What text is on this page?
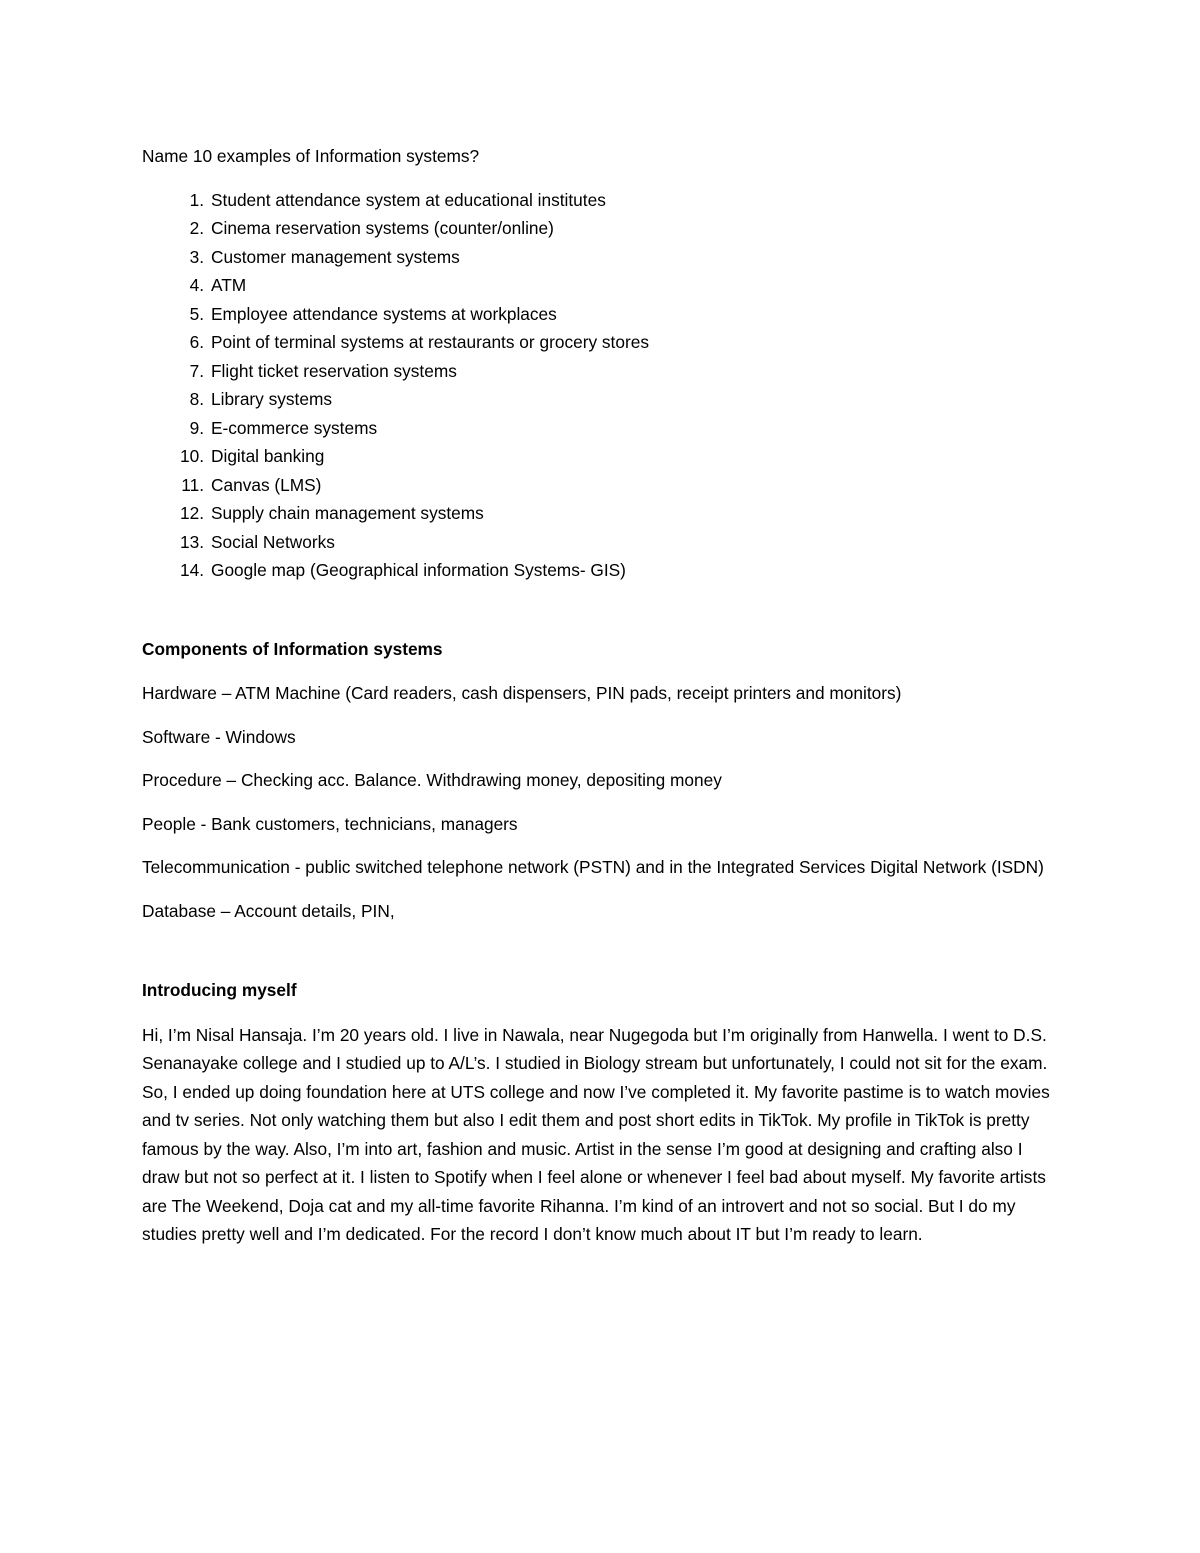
Name 10 examples of Information systems?

1. Student attendance system at educational institutes
2. Cinema reservation systems (counter/online)
3. Customer management systems
4. ATM
5. Employee attendance systems at workplaces
6. Point of terminal systems at restaurants or grocery stores
7. Flight ticket reservation systems
8. Library systems
9. E-commerce systems
10. Digital banking
11. Canvas (LMS)
12. Supply chain management systems
13. Social Networks
14. Google map (Geographical information Systems- GIS)

Components of Information systems

Hardware – ATM Machine (Card readers, cash dispensers, PIN pads, receipt printers and monitors)

Software - Windows

Procedure – Checking acc. Balance. Withdrawing money, depositing money

People - Bank customers, technicians, managers

Telecommunication - public switched telephone network (PSTN) and in the Integrated Services Digital Network (ISDN)

Database – Account details, PIN,

Introducing myself

Hi, I’m Nisal Hansaja. I’m 20 years old. I live in Nawala, near Nugegoda but I’m originally from Hanwella. I went to D.S. Senanayake college and I studied up to A/L’s. I studied in Biology stream but unfortunately, I could not sit for the exam. So, I ended up doing foundation here at UTS college and now I’ve completed it. My favorite pastime is to watch movies and tv series. Not only watching them but also I edit them and post short edits in TikTok. My profile in TikTok is pretty famous by the way. Also, I’m into art, fashion and music. Artist in the sense I’m good at designing and crafting also I draw but not so perfect at it. I listen to Spotify when I feel alone or whenever I feel bad about myself. My favorite artists are The Weekend, Doja cat and my all-time favorite Rihanna. I’m kind of an introvert and not so social. But I do my studies pretty well and I’m dedicated. For the record I don’t know much about IT but I’m ready to learn.
